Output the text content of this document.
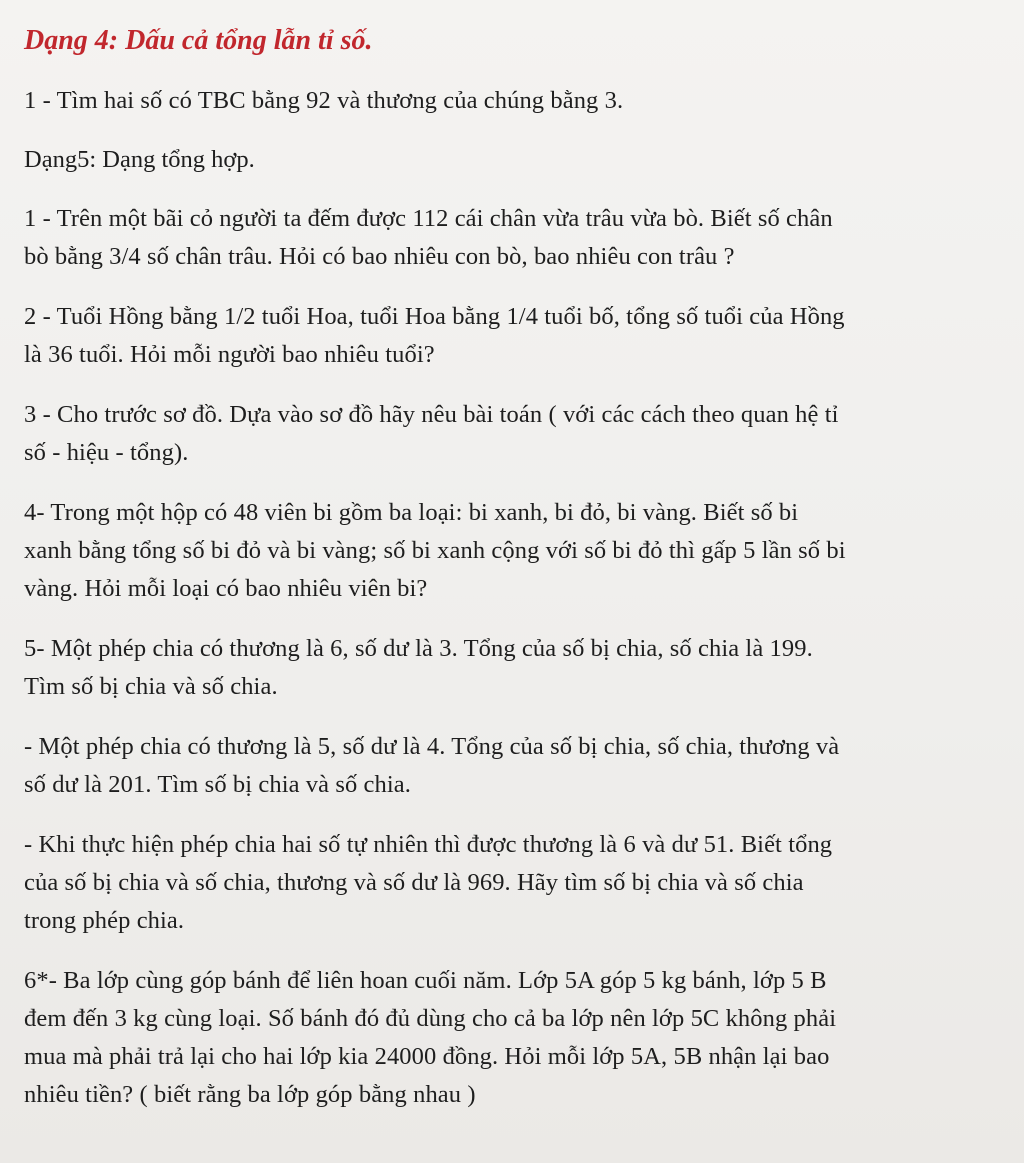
Dạng 4: Dấu cả tổng lẫn tỉ số.
1 - Tìm hai số có TBC bằng 92 và thương của chúng bằng 3.
Dạng5: Dạng tổng hợp.
1 - Trên một bãi cỏ người ta đếm được 112 cái chân vừa trâu vừa bò. Biết số chân
bò bằng 3/4 số chân trâu. Hỏi có bao nhiêu con bò, bao nhiêu con trâu ?
2 - Tuổi Hồng bằng 1/2 tuổi Hoa, tuổi Hoa bằng 1/4 tuổi bố, tổng số tuổi của Hồng
là 36 tuổi. Hỏi mỗi người bao nhiêu tuổi?
3 - Cho trước sơ đồ. Dựa vào sơ đồ hãy nêu bài toán ( với các cách theo quan hệ tỉ
số - hiệu - tổng).
4- Trong một hộp có 48 viên bi gồm ba loại: bi xanh, bi đỏ, bi vàng. Biết số bi
xanh bằng tổng số bi đỏ và bi vàng; số bi xanh cộng với số bi đỏ thì gấp 5 lần số bi
vàng. Hỏi mỗi loại có bao nhiêu viên bi?
5- Một phép chia có thương là 6, số dư là 3. Tổng của số bị chia, số chia là 199.
Tìm số bị chia và số chia.
- Một phép chia có thương là 5, số dư là 4. Tổng của số bị chia, số chia, thương và
số dư là 201. Tìm số bị chia và số chia.
- Khi thực hiện phép chia hai số tự nhiên thì được thương là 6 và dư 51. Biết tổng
của số bị chia và số chia, thương và số dư là 969. Hãy tìm số bị chia và số chia
trong phép chia.
6*- Ba lớp cùng góp bánh để liên hoan cuối năm. Lớp 5A góp 5 kg bánh, lớp 5 B
đem đến 3 kg cùng loại. Số bánh đó đủ dùng cho cả ba lớp nên lớp 5C không phải
mua mà phải trả lại cho hai lớp kia 24000 đồng. Hỏi mỗi lớp 5A, 5B nhận lại bao
nhiêu tiền? ( biết rằng ba lớp góp bằng nhau )
